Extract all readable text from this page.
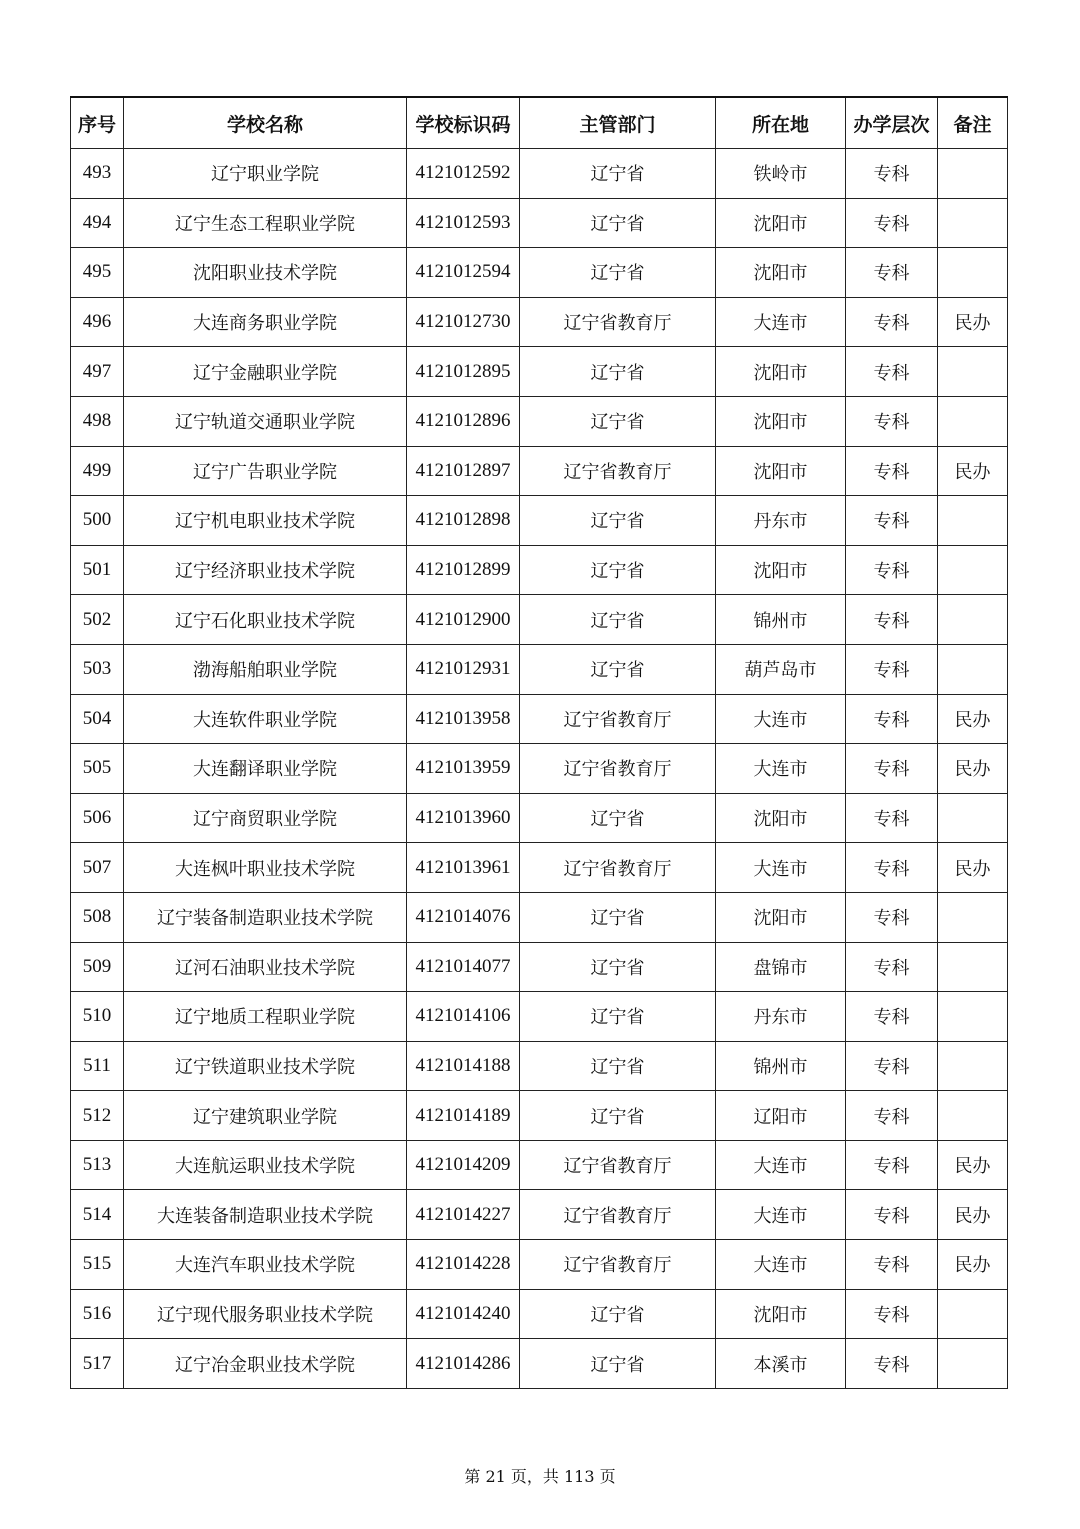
序号	学校名称	学校标识码	主管部门	所在地	办学层次	备注
493	辽宁职业学院	4121012592	辽宁省	铁岭市	专科	
494	辽宁生态工程职业学院	4121012593	辽宁省	沈阳市	专科	
495	沈阳职业技术学院	4121012594	辽宁省	沈阳市	专科	
496	大连商务职业学院	4121012730	辽宁省教育厅	大连市	专科	民办
497	辽宁金融职业学院	4121012895	辽宁省	沈阳市	专科	
498	辽宁轨道交通职业学院	4121012896	辽宁省	沈阳市	专科	
499	辽宁广告职业学院	4121012897	辽宁省教育厅	沈阳市	专科	民办
500	辽宁机电职业技术学院	4121012898	辽宁省	丹东市	专科	
501	辽宁经济职业技术学院	4121012899	辽宁省	沈阳市	专科	
502	辽宁石化职业技术学院	4121012900	辽宁省	锦州市	专科	
503	渤海船舶职业学院	4121012931	辽宁省	葫芦岛市	专科	
504	大连软件职业学院	4121013958	辽宁省教育厅	大连市	专科	民办
505	大连翻译职业学院	4121013959	辽宁省教育厅	大连市	专科	民办
506	辽宁商贸职业学院	4121013960	辽宁省	沈阳市	专科	
507	大连枫叶职业技术学院	4121013961	辽宁省教育厅	大连市	专科	民办
508	辽宁装备制造职业技术学院	4121014076	辽宁省	沈阳市	专科	
509	辽河石油职业技术学院	4121014077	辽宁省	盘锦市	专科	
510	辽宁地质工程职业学院	4121014106	辽宁省	丹东市	专科	
511	辽宁铁道职业技术学院	4121014188	辽宁省	锦州市	专科	
512	辽宁建筑职业学院	4121014189	辽宁省	辽阳市	专科	
513	大连航运职业技术学院	4121014209	辽宁省教育厅	大连市	专科	民办
514	大连装备制造职业技术学院	4121014227	辽宁省教育厅	大连市	专科	民办
515	大连汽车职业技术学院	4121014228	辽宁省教育厅	大连市	专科	民办
516	辽宁现代服务职业技术学院	4121014240	辽宁省	沈阳市	专科	
517	辽宁冶金职业技术学院	4121014286	辽宁省	本溪市	专科	
第 21 页，共 113 页
